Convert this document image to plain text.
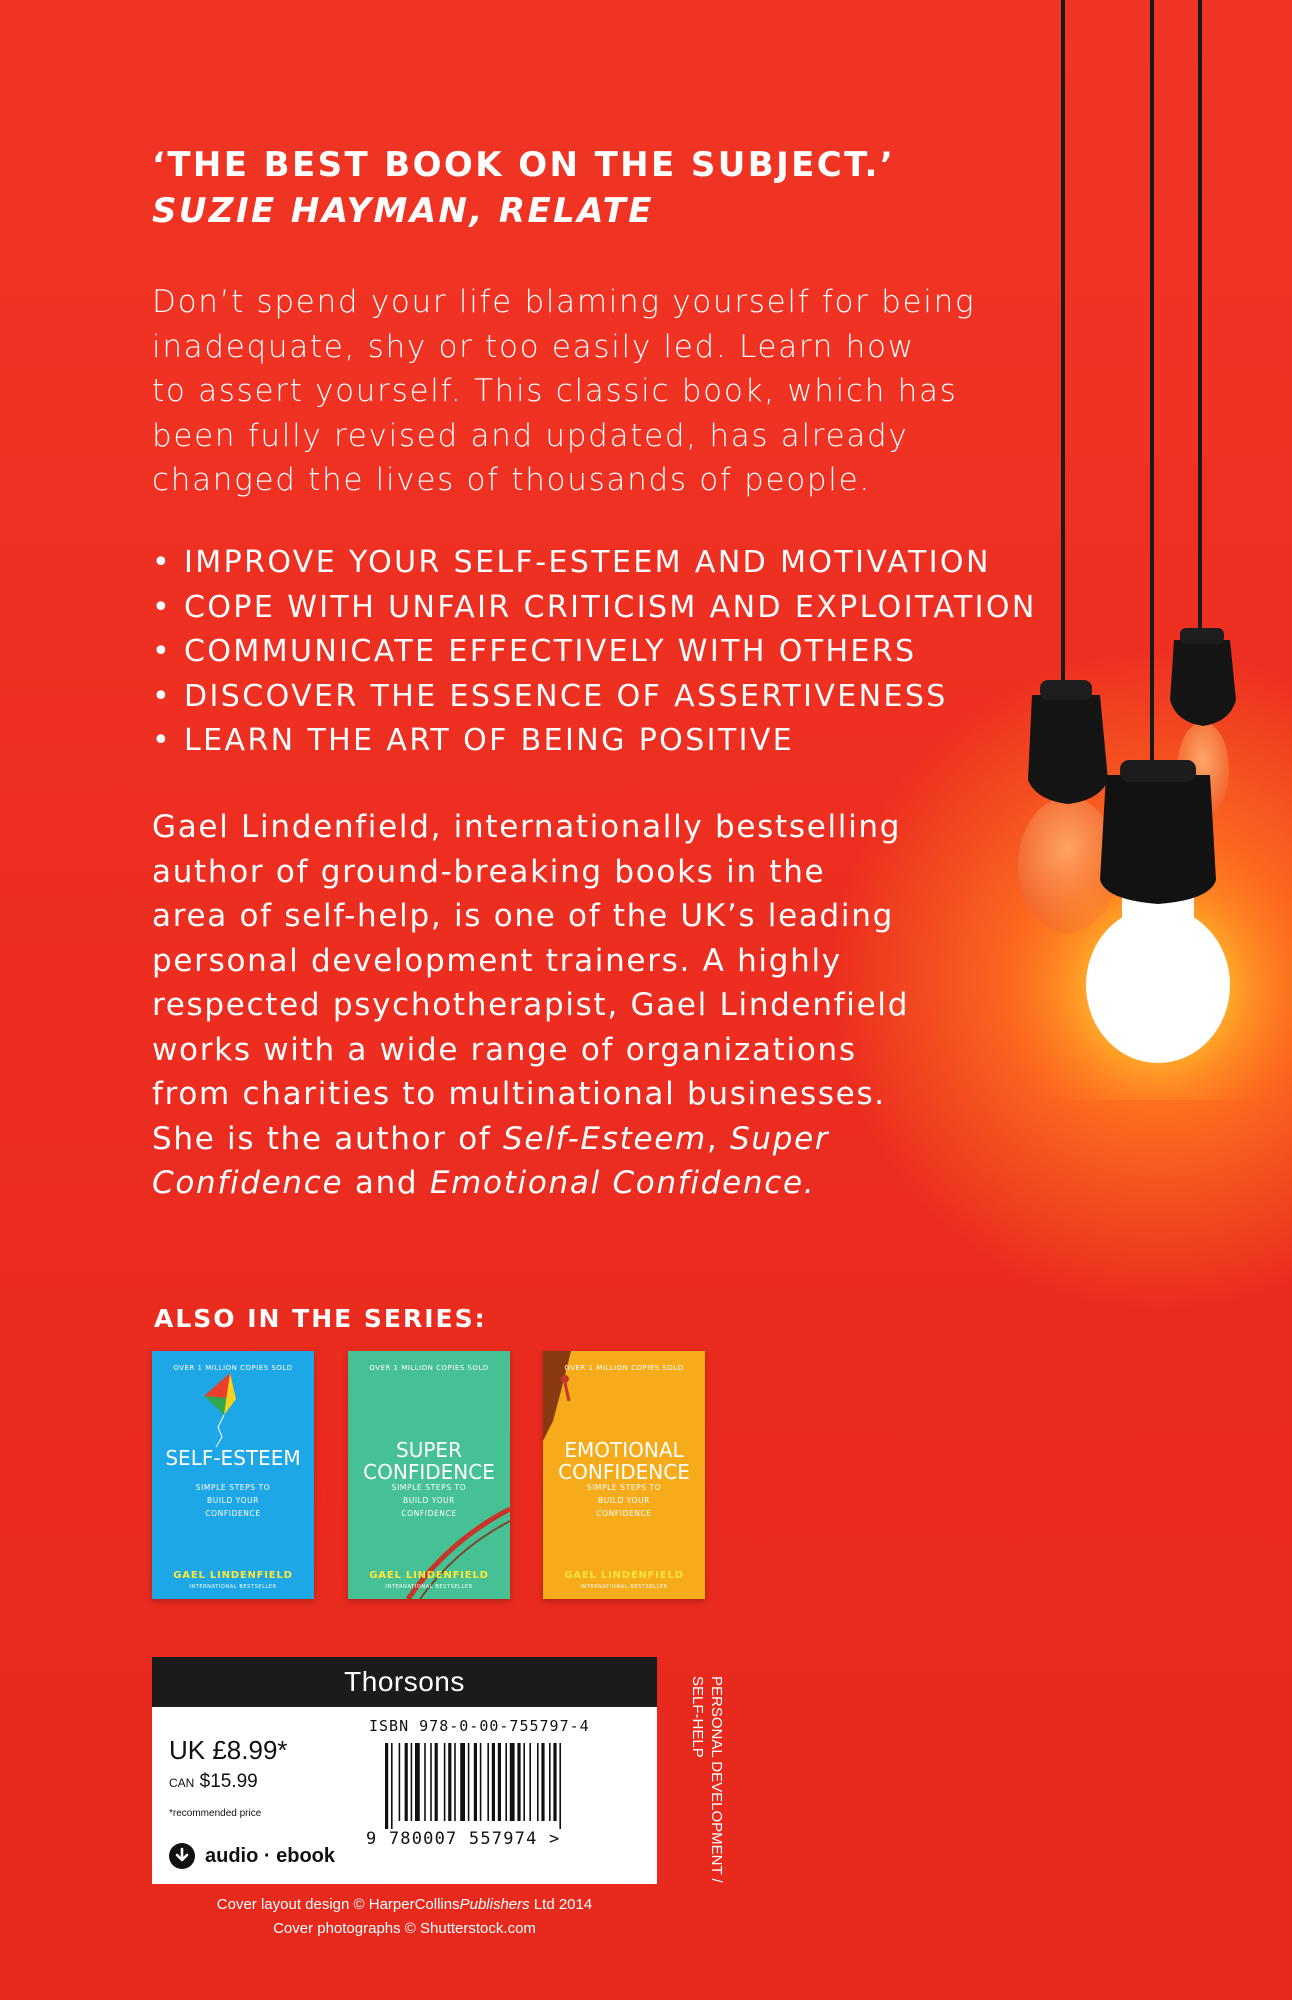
‘THE BEST BOOK ON THE SUBJECT.’
SUZIE HAYMAN, RELATE

Don’t spend your life blaming yourself for being

inadequate, shy or too easily led. Learn how

to assert yourself. This classic book, which has

been fully revised and updated, has already

changed the lives of thousands of people.

• IMPROVE YOUR SELF-ESTEEM AND MOTIVATION
• COPE WITH UNFAIR CRITICISM AND EXPLOITATION
• COMMUNICATE EFFECTIVELY WITH OTHERS
• DISCOVER THE ESSENCE OF ASSERTIVENESS
• LEARN THE ART OF BEING POSITIVE

Gael Lindenfield, internationally bestselling

author of ground-breaking books in the

area of self-help, is one of the UK’s leading

personal development trainers. A highly

respected psychotherapist, Gael Lindenfield

works with a wide range of organizations

from charities to multinational businesses.

She is the author of Self-Esteem, Super

Confidence and Emotional Confidence.

ALSO IN THE SERIES:
OVER 1 MILLION COPIES SOLD
SELF-ESTEEM
SIMPLE STEPS TO BUILD YOUR CONFIDENCE
GAEL LINDENFIELD
INTERNATIONAL BESTSELLER
OVER 1 MILLION COPIES SOLD
SUPER
CONFIDENCE
SIMPLE STEPS TO BUILD YOUR CONFIDENCE
GAEL LINDENFIELD
INTERNATIONAL BESTSELLER
OVER 1 MILLION COPIES SOLD
EMOTIONAL
CONFIDENCE
SIMPLE STEPS TO BUILD YOUR CONFIDENCE
GAEL LINDENFIELD
INTERNATIONAL BESTSELLER
Thorsons
UK £8.99*
CAN $15.99
*recommended price
audio · ebook
ISBN 978-0-00-755797-4
9 780007 557974 >	PERSONAL DEVELOPMENT /
SELF-HELP
Cover layout design © HarperCollinsPublishers Ltd 2014
Cover photographs © Shutterstock.com
